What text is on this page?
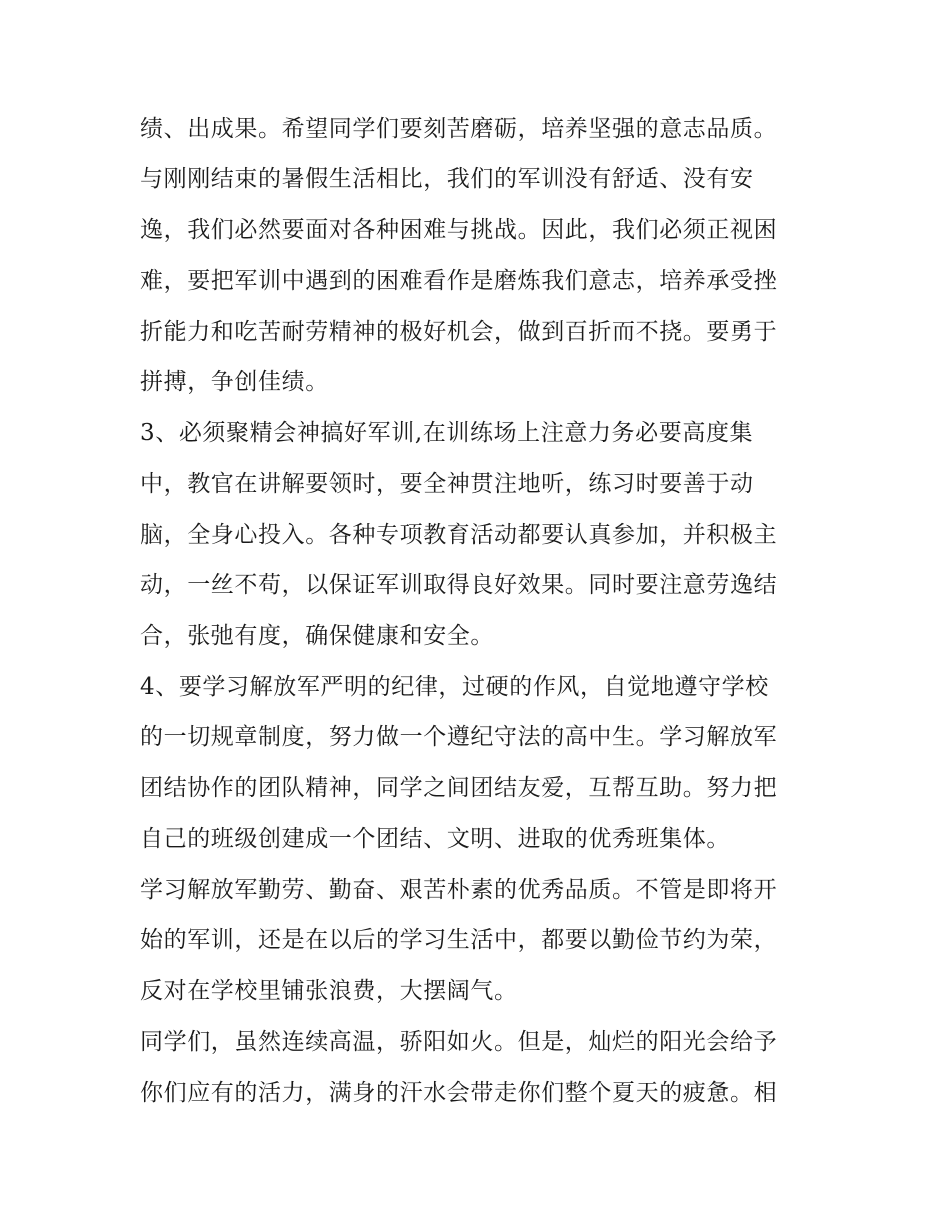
绩、出成果。希望同学们要刻苦磨砺，培养坚强的意志品质。

与刚刚结束的暑假生活相比，我们的军训没有舒适、没有安

逸，我们必然要面对各种困难与挑战。因此，我们必须正视困

难，要把军训中遇到的困难看作是磨炼我们意志，培养承受挫

折能力和吃苦耐劳精神的极好机会，做到百折而不挠。要勇于

拼搏，争创佳绩。

3、必须聚精会神搞好军训,在训练场上注意力务必要高度集

中，教官在讲解要领时，要全神贯注地听，练习时要善于动

脑，全身心投入。各种专项教育活动都要认真参加，并积极主

动，一丝不苟，以保证军训取得良好效果。同时要注意劳逸结

合，张弛有度，确保健康和安全。

4、要学习解放军严明的纪律，过硬的作风，自觉地遵守学校

的一切规章制度，努力做一个遵纪守法的高中生。学习解放军

团结协作的团队精神，同学之间团结友爱，互帮互助。努力把

自己的班级创建成一个团结、文明、进取的优秀班集体。

学习解放军勤劳、勤奋、艰苦朴素的优秀品质。不管是即将开

始的军训，还是在以后的学习生活中，都要以勤俭节约为荣，

反对在学校里铺张浪费，大摆阔气。

同学们，虽然连续高温，骄阳如火。但是，灿烂的阳光会给予

你们应有的活力，满身的汗水会带走你们整个夏天的疲惫。相
